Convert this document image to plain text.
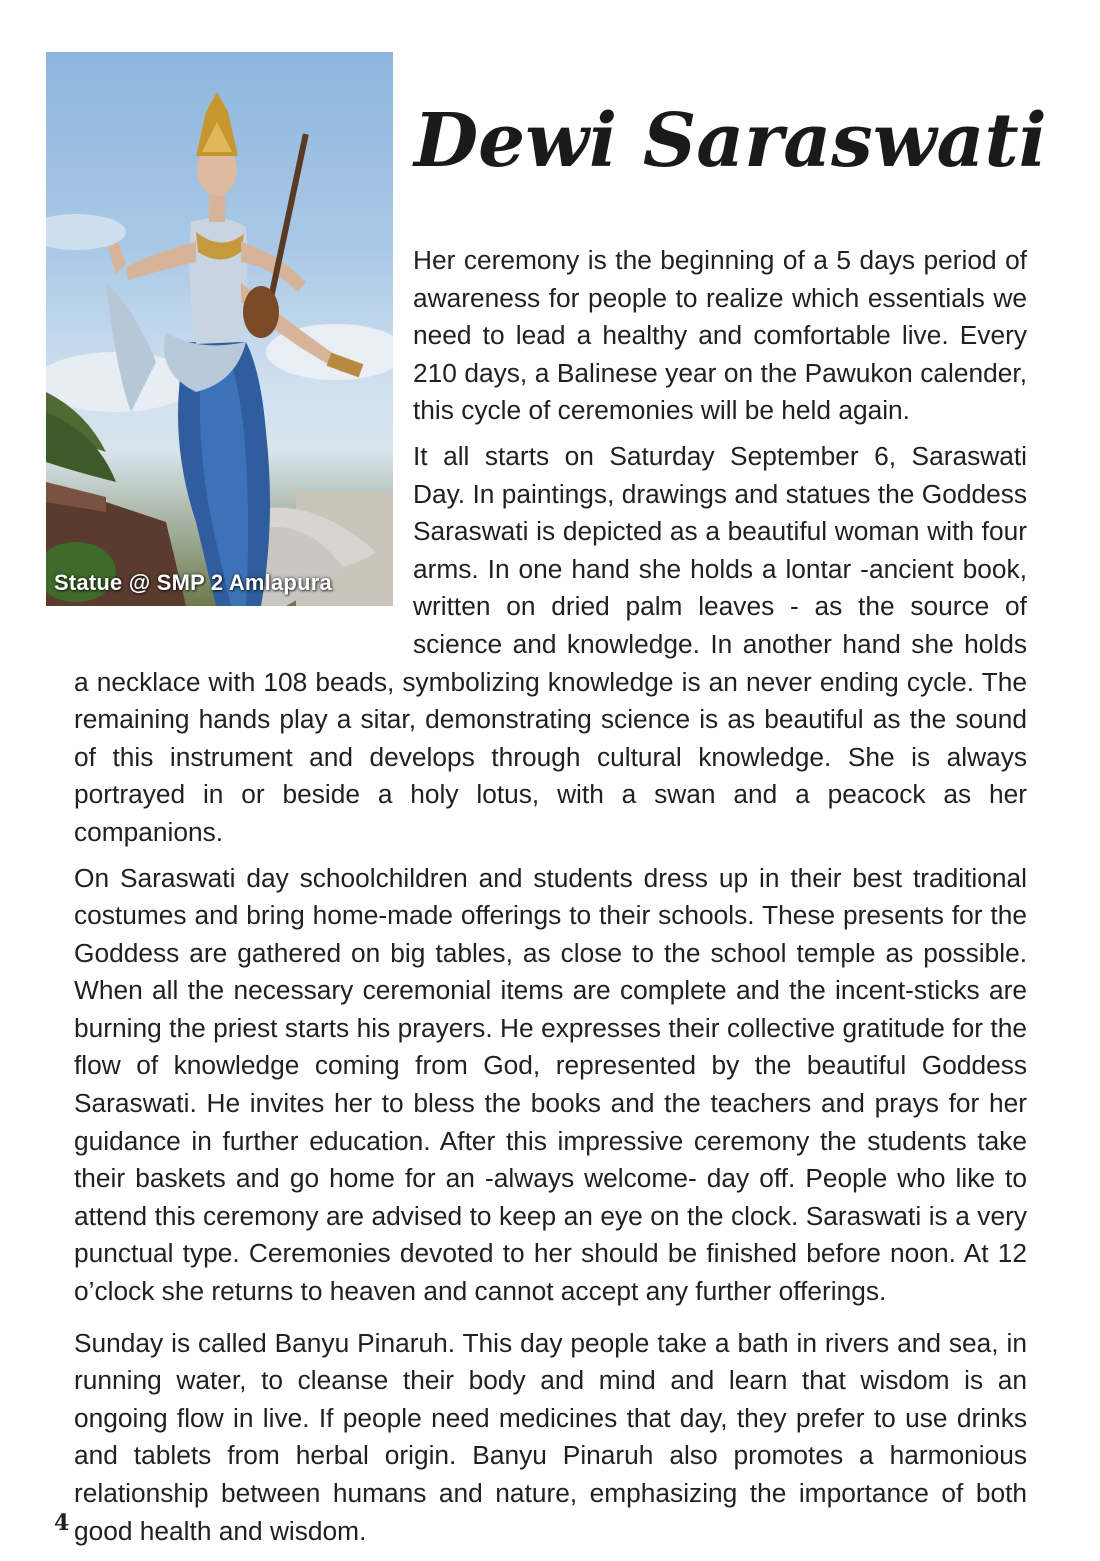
Statue @ SMP 2 Amlapura
Dewi Saraswati

Her ceremony is the beginning of a 5 days period of awareness for people to realize which essentials we need to lead a healthy and comfortable live. Every 210 days, a Balinese year on the Pawukon calender, this cycle of ceremonies will be held again.

It all starts on Saturday September 6, Saraswati Day. In paintings, drawings and statues the Goddess Saraswati is depicted as a beautiful woman with four arms. In one hand she holds a lontar -ancient book, written on dried palm leaves - as the source of science and knowledge. In another hand she holds a necklace with 108 beads, symbolizing knowledge is an never ending cycle. The remaining hands play a sitar, demonstrating science is as beautiful as the sound of this instrument and develops through cultural knowledge. She is always portrayed in or beside a holy lotus, with a swan and a peacock as her companions.

On Saraswati day schoolchildren and students dress up in their best traditional costumes and bring home-made offerings to their schools. These presents for the Goddess are gathered on big tables, as close to the school temple as possible. When all the necessary ceremonial items are complete and the incent-sticks are burning the priest starts his prayers. He expresses their collective gratitude for the flow of knowledge coming from God, represented by the beautiful Goddess Saraswati. He invites her to bless the books and the teachers and prays for her guidance in further education. After this impressive ceremony the students take their baskets and go home for an -always welcome- day off. People who like to attend this ceremony are advised to keep an eye on the clock. Saraswati is a very punctual type. Ceremonies devoted to her should be finished before noon. At 12 o’clock she returns to heaven and cannot accept any further offerings.

Sunday is called Banyu Pinaruh. This day people take a bath in rivers and sea, in running water, to cleanse their body and mind and learn that wisdom is an ongoing flow in live. If people need medicines that day, they prefer to use drinks and tablets from herbal origin. Banyu Pinaruh also promotes a harmonious relationship between humans and nature, emphasizing the importance of both good health and wisdom.

4
